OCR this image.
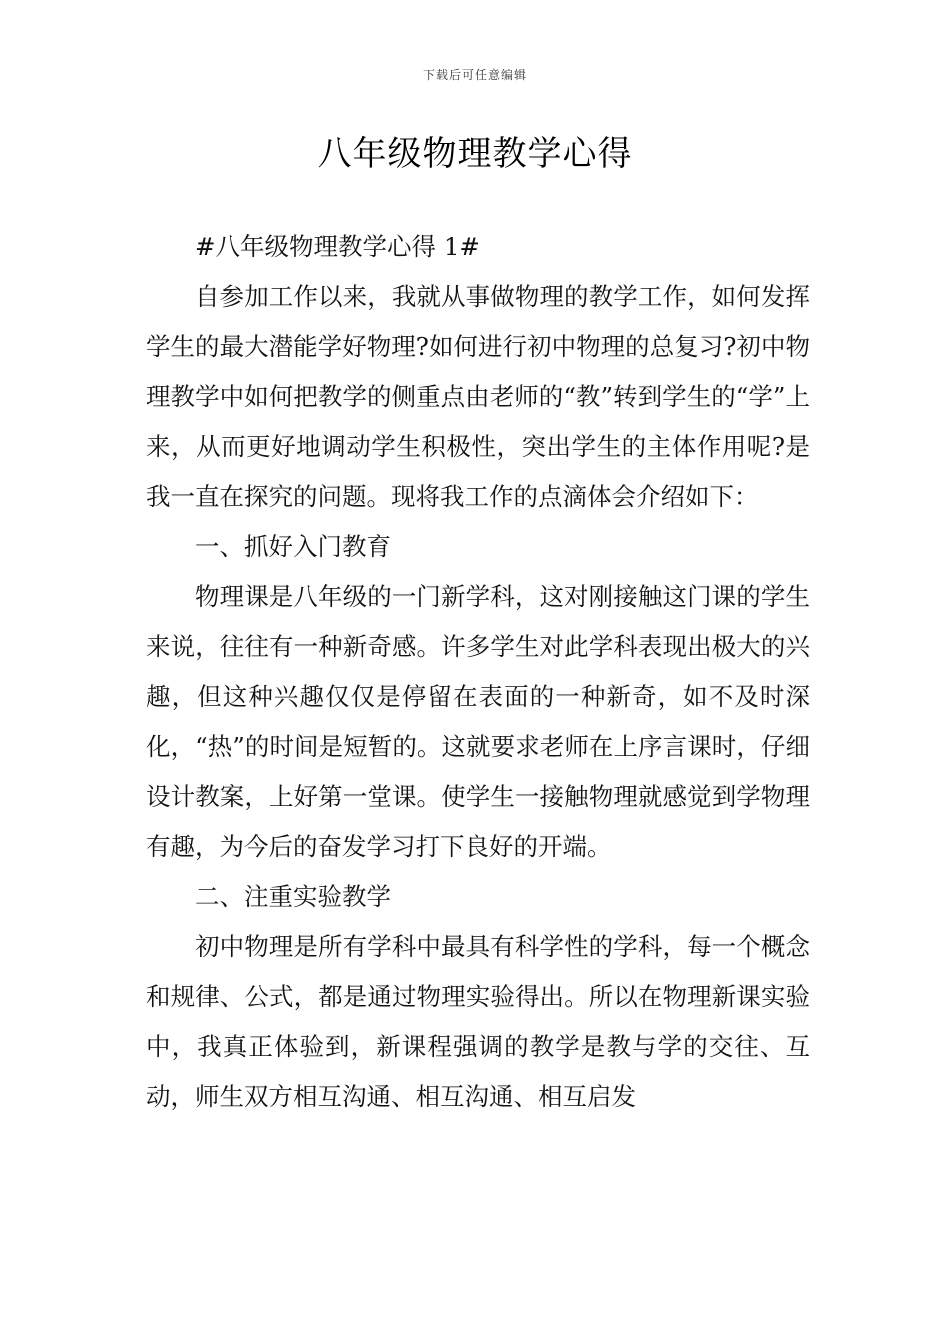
下载后可任意编辑
八年级物理教学心得

#八年级物理教学心得 1#

自参加工作以来，我就从事做物理的教学工作，如何发挥学生的最大潜能学好物理?如何进行初中物理的总复习?初中物理教学中如何把教学的侧重点由老师的“教”转到学生的“学”上来，从而更好地调动学生积极性，突出学生的主体作用呢?是我一直在探究的问题。现将我工作的点滴体会介绍如下：

一、抓好入门教育

物理课是八年级的一门新学科，这对刚接触这门课的学生来说，往往有一种新奇感。许多学生对此学科表现出极大的兴趣，但这种兴趣仅仅是停留在表面的一种新奇，如不及时深化，“热”的时间是短暂的。这就要求老师在上序言课时，仔细设计教案，上好第一堂课。使学生一接触物理就感觉到学物理有趣，为今后的奋发学习打下良好的开端。

二、注重实验教学

初中物理是所有学科中最具有科学性的学科，每一个概念和规律、公式，都是通过物理实验得出。所以在物理新课实验中，我真正体验到，新课程强调的教学是教与学的交往、互动，师生双方相互沟通、相互沟通、相互启发
